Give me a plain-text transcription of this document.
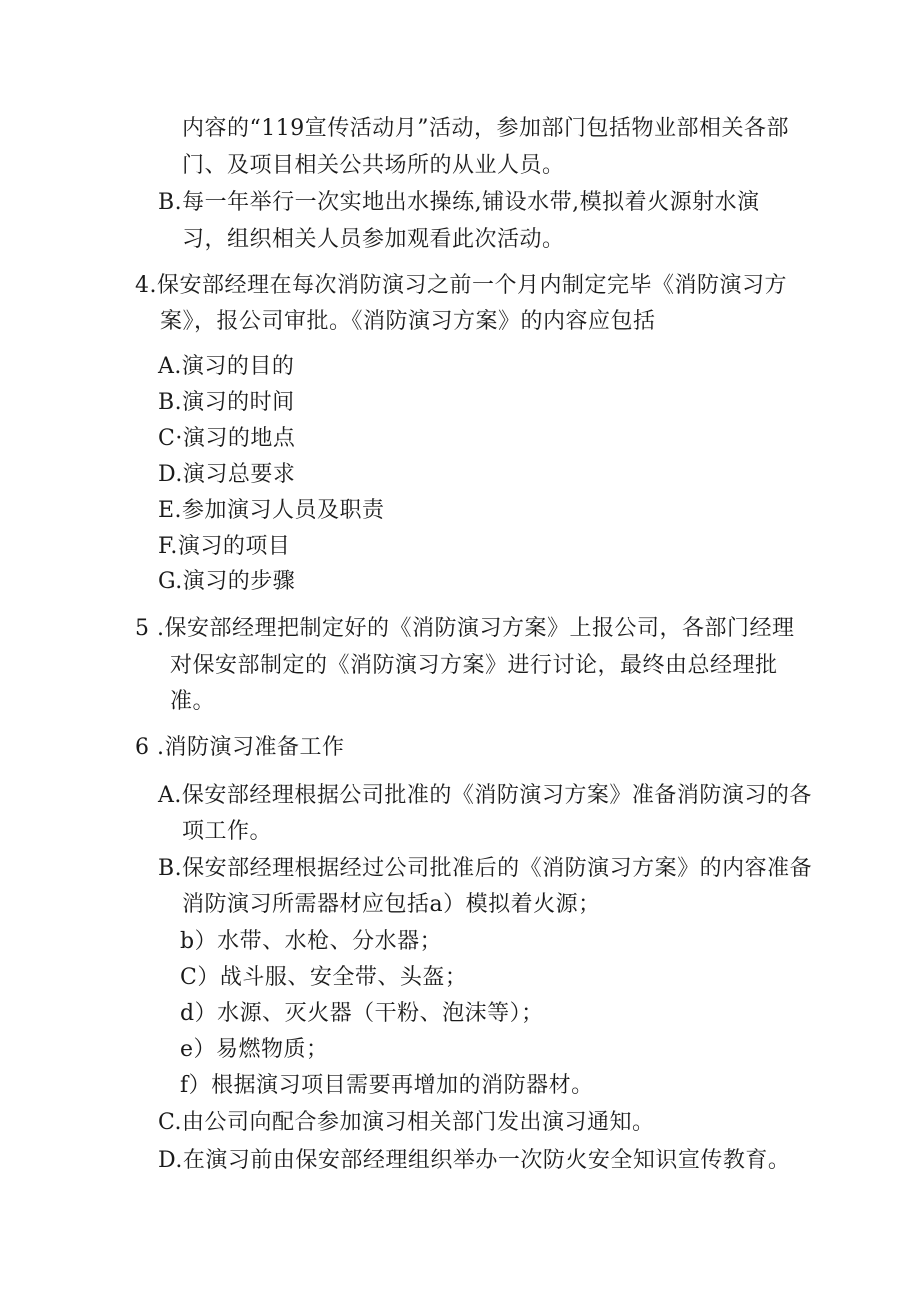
内容的“119宣传活动月”活动，参加部门包括物业部相关各部
门、及项目相关公共场所的从业人员。
B.每一年举行一次实地出水操练,铺设水带,模拟着火源射水演
习，组织相关人员参加观看此次活动。
4.保安部经理在每次消防演习之前一个月内制定完毕《消防演习方
案》，报公司审批。《消防演习方案》的内容应包括
A.演习的目的
B.演习的时间
C·演习的地点
D.演习总要求
E.参加演习人员及职责
F.演习的项目
G.演习的步骤
5 .保安部经理把制定好的《消防演习方案》上报公司，各部门经理
对保安部制定的《消防演习方案》进行讨论，最终由总经理批
准。
6 .消防演习准备工作
A.保安部经理根据公司批准的《消防演习方案》准备消防演习的各
项工作。
B.保安部经理根据经过公司批准后的《消防演习方案》的内容准备
消防演习所需器材应包括a）模拟着火源；
b）水带、水枪、分水器；
C）战斗服、安全带、头盔；
d）水源、灭火器（干粉、泡沫等）；
e）易燃物质；
f）根据演习项目需要再增加的消防器材。
C.由公司向配合参加演习相关部门发出演习通知。
D.在演习前由保安部经理组织举办一次防火安全知识宣传教育。
